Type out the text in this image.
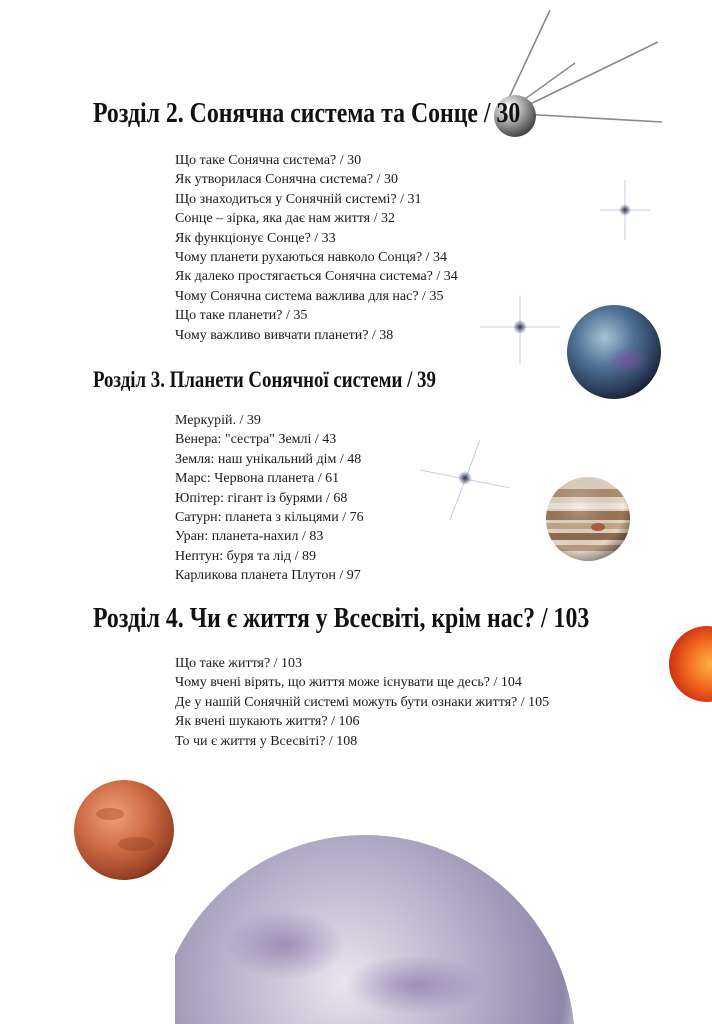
Розділ 2. Сонячна система та Сонце / 30
Що таке Сонячна система? / 30
Як утворилася Сонячна система? / 30
Що знаходиться у Сонячній системі? / 31
Сонце – зірка, яка дає нам життя / 32
Як функціонує Сонце? / 33
Чому планети рухаються навколо Сонця? / 34
Як далеко простягається Сонячна система? / 34
Чому Сонячна система важлива для нас? / 35
Що таке планети? / 35
Чому важливо вивчати планети? / 38
Розділ 3. Планети Сонячної системи / 39
Меркурій. / 39
Венера: "сестра" Землі / 43
Земля: наш унікальний дім / 48
Марс: Червона планета / 61
Юпітер: гігант із бурями / 68
Сатурн: планета з кільцями / 76
Уран: планета-нахил / 83
Нептун: буря та лід / 89
Карликова планета Плутон / 97
Розділ 4. Чи є життя у Всесвіті, крім нас? / 103
Що таке життя? / 103
Чому вчені вірять, що життя може існувати ще десь? / 104
Де у нашій Сонячній системі можуть бути ознаки життя? / 105
Як вчені шукають життя? / 106
То чи є життя у Всесвіті? / 108
